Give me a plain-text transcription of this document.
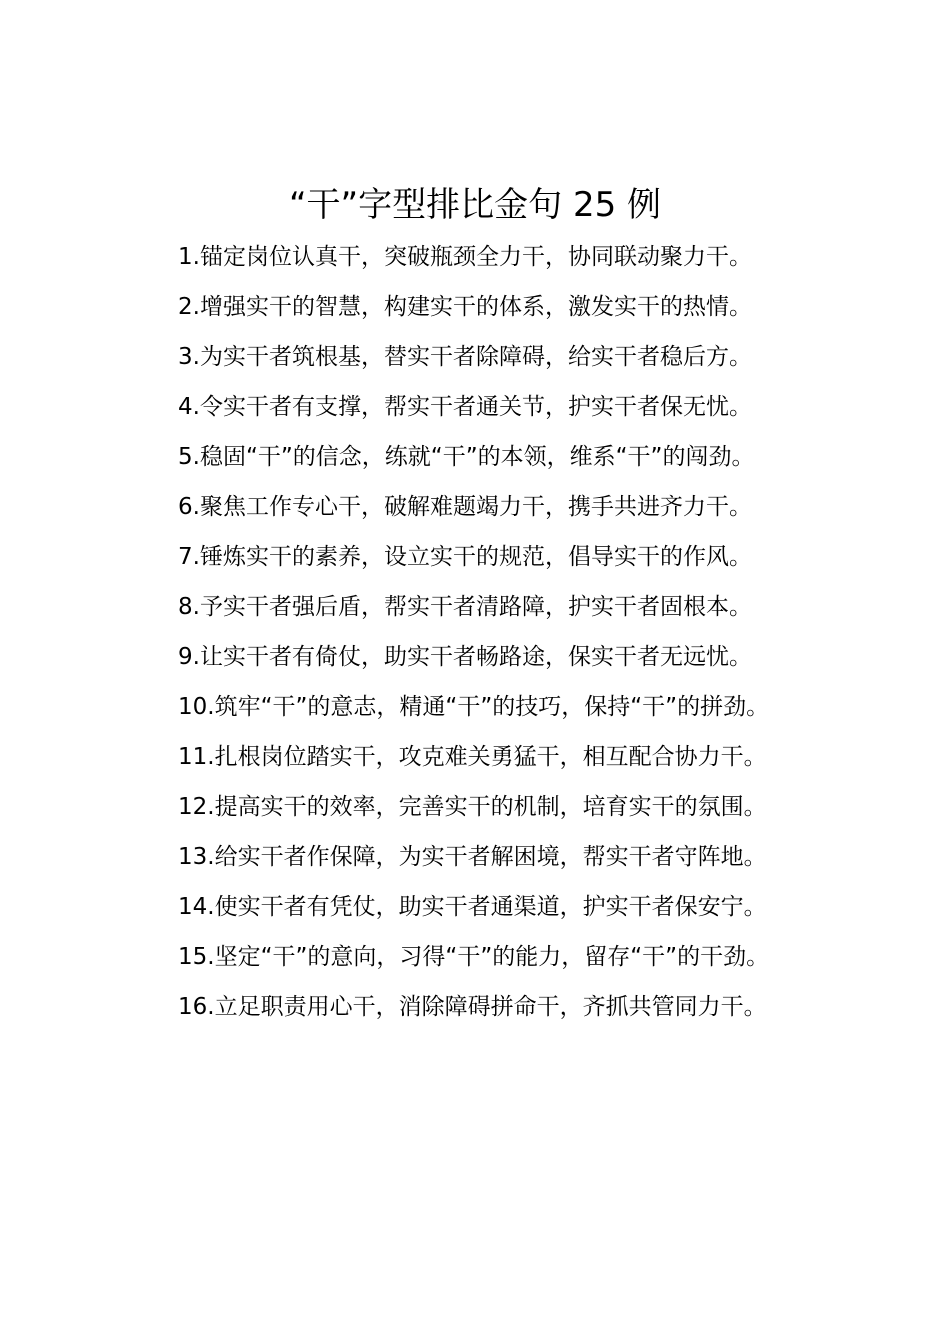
“干”字型排比金句 25 例

1.锚定岗位认真干，突破瓶颈全力干，协同联动聚力干。

2.增强实干的智慧，构建实干的体系，激发实干的热情。

3.为实干者筑根基，替实干者除障碍，给实干者稳后方。

4.令实干者有支撑，帮实干者通关节，护实干者保无忧。

5.稳固“干”的信念，练就“干”的本领，维系“干”的闯劲。

6.聚焦工作专心干，破解难题竭力干，携手共进齐力干。

7.锤炼实干的素养，设立实干的规范，倡导实干的作风。

8.予实干者强后盾，帮实干者清路障，护实干者固根本。

9.让实干者有倚仗，助实干者畅路途，保实干者无远忧。

10.筑牢“干”的意志，精通“干”的技巧，保持“干”的拼劲。

11.扎根岗位踏实干，攻克难关勇猛干，相互配合协力干。

12.提高实干的效率，完善实干的机制，培育实干的氛围。

13.给实干者作保障，为实干者解困境，帮实干者守阵地。

14.使实干者有凭仗，助实干者通渠道，护实干者保安宁。

15.坚定“干”的意向，习得“干”的能力，留存“干”的干劲。

16.立足职责用心干，消除障碍拼命干，齐抓共管同力干。
